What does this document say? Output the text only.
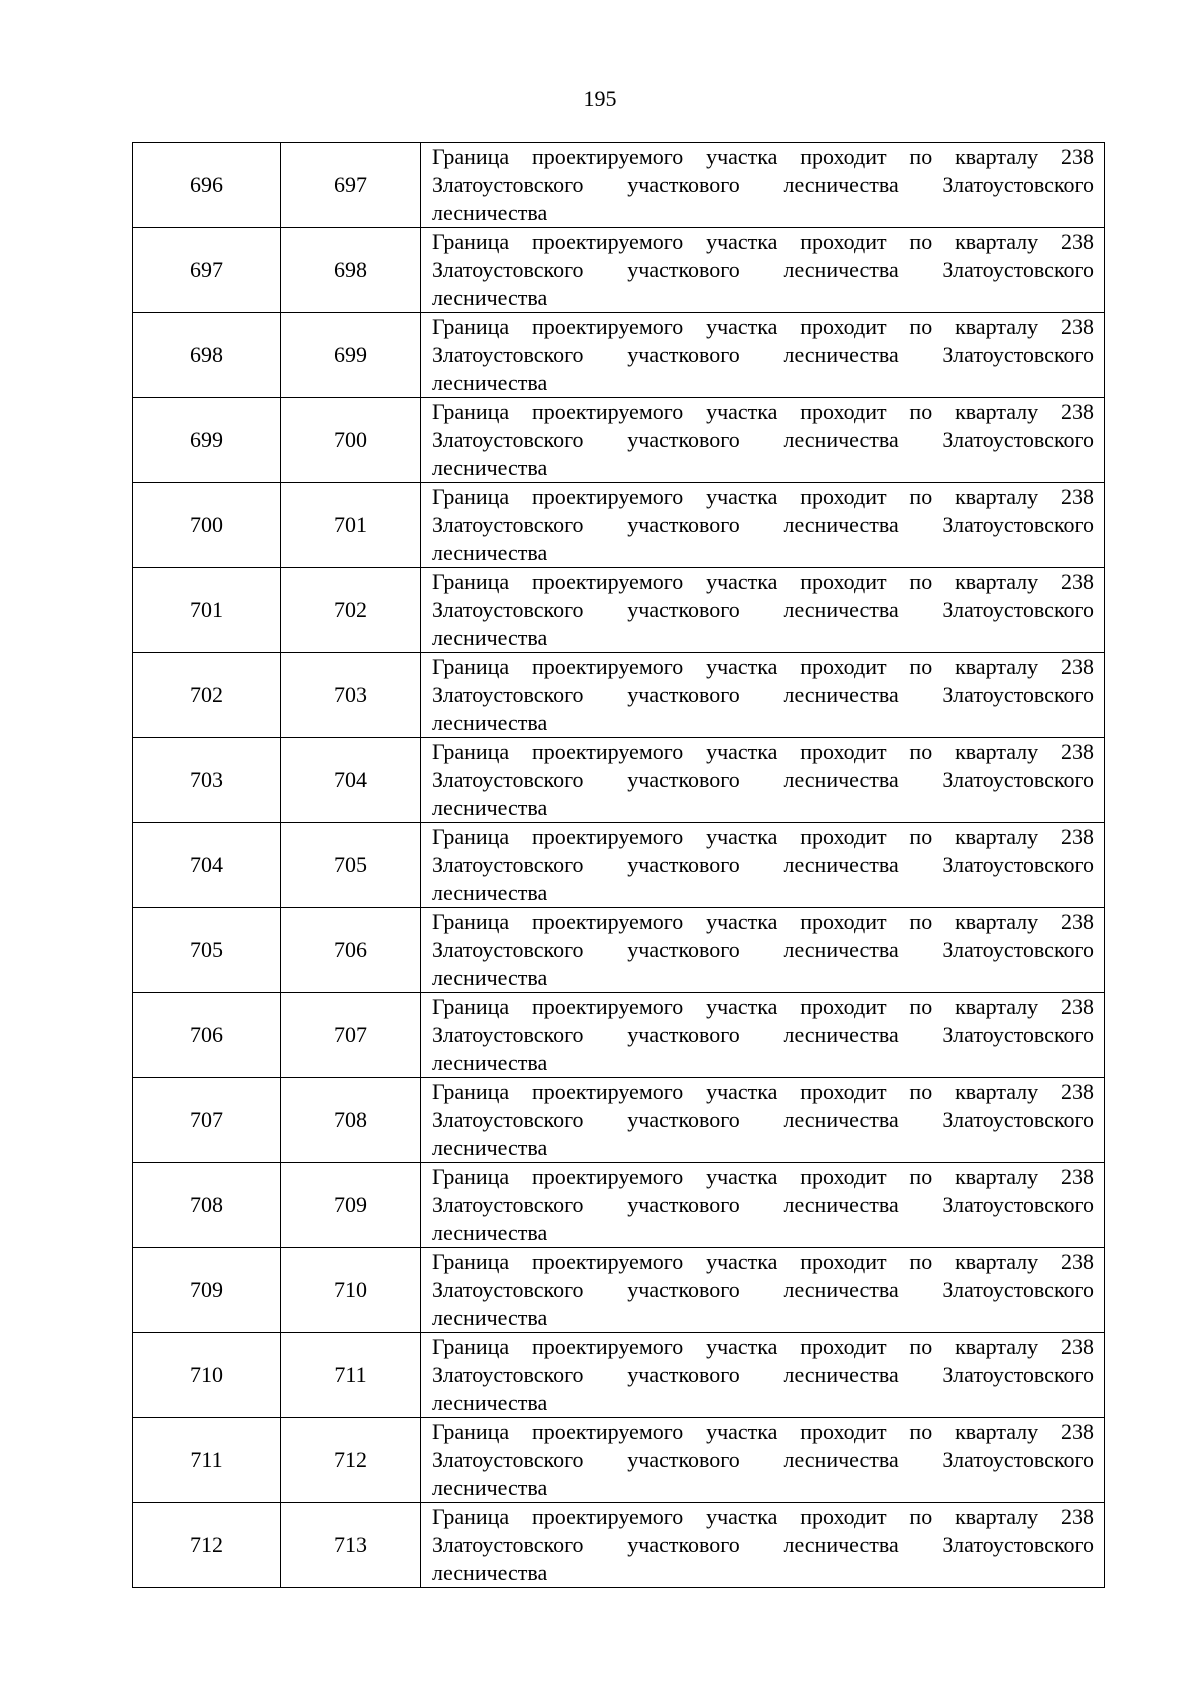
195
696	697	Граница проектируемого участка проходит по кварталу 238 Златоустовского участкового лесничества Златоустовского лесничества
697	698	Граница проектируемого участка проходит по кварталу 238 Златоустовского участкового лесничества Златоустовского лесничества
698	699	Граница проектируемого участка проходит по кварталу 238 Златоустовского участкового лесничества Златоустовского лесничества
699	700	Граница проектируемого участка проходит по кварталу 238 Златоустовского участкового лесничества Златоустовского лесничества
700	701	Граница проектируемого участка проходит по кварталу 238 Златоустовского участкового лесничества Златоустовского лесничества
701	702	Граница проектируемого участка проходит по кварталу 238 Златоустовского участкового лесничества Златоустовского лесничества
702	703	Граница проектируемого участка проходит по кварталу 238 Златоустовского участкового лесничества Златоустовского лесничества
703	704	Граница проектируемого участка проходит по кварталу 238 Златоустовского участкового лесничества Златоустовского лесничества
704	705	Граница проектируемого участка проходит по кварталу 238 Златоустовского участкового лесничества Златоустовского лесничества
705	706	Граница проектируемого участка проходит по кварталу 238 Златоустовского участкового лесничества Златоустовского лесничества
706	707	Граница проектируемого участка проходит по кварталу 238 Златоустовского участкового лесничества Златоустовского лесничества
707	708	Граница проектируемого участка проходит по кварталу 238 Златоустовского участкового лесничества Златоустовского лесничества
708	709	Граница проектируемого участка проходит по кварталу 238 Златоустовского участкового лесничества Златоустовского лесничества
709	710	Граница проектируемого участка проходит по кварталу 238 Златоустовского участкового лесничества Златоустовского лесничества
710	711	Граница проектируемого участка проходит по кварталу 238 Златоустовского участкового лесничества Златоустовского лесничества
711	712	Граница проектируемого участка проходит по кварталу 238 Златоустовского участкового лесничества Златоустовского лесничества
712	713	Граница проектируемого участка проходит по кварталу 238 Златоустовского участкового лесничества Златоустовского лесничества
